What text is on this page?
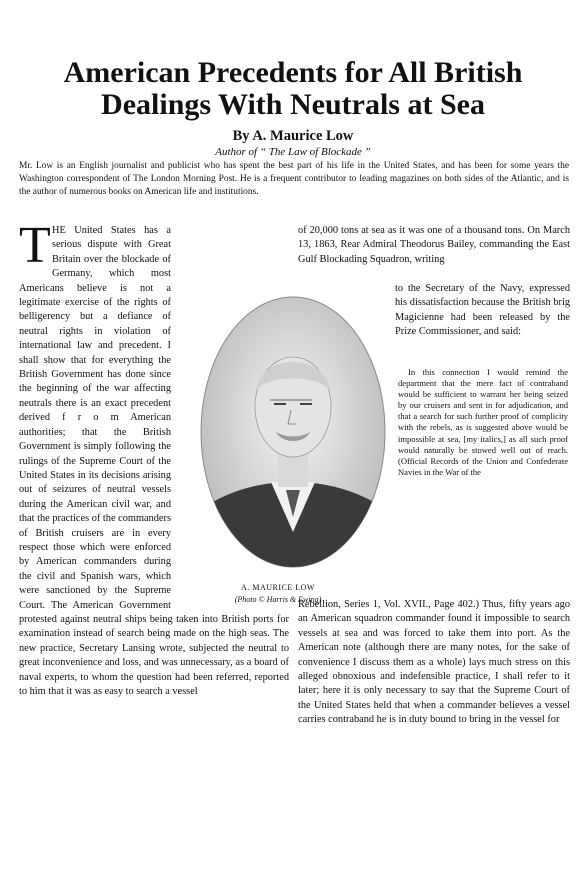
American Precedents for All British
Dealings With Neutrals at Sea
By A. Maurice Low
Author of “ The Law of Blockade ”

Mr. Low is an English journalist and publicist who has spent the best part of his life in the United States, and has been for some years the Washington correspondent of The London Morning Post. He is a frequent contributor to leading magazines on both sides of the Atlantic, and is the author of numerous books on American life and institutions.

HE United States has a serious dispute with Great Britain over the blockade of Germany, which most Americans believe is not a legitimate exercise of the rights of belligerency but a defiance of neutral rights in violation of international law and precedent. I shall show that for everything the British Government has done since the beginning of the war affecting neutrals there is an exact precedent derived f r o m American authorities; that the British Government is simply following the rulings of the Supreme Court of the United States in its decisions arising out of seizures of neutral vessels during the American civil war, and that the practices of the commanders of British cruisers are in every respect those which were enforced by American commanders during the civil and Spanish wars, which were sanctioned by the Supreme Court. The American Government protested against neutral ships being taken into British ports for examination instead of search being made on the high seas. The new practice, Secretary Lansing wrote, subjected the neutral to great inconvenience and loss, and was unnecessary, as a board of naval experts, to whom the question had been referred, reported to him that it was as easy to search a vessel
T	of 20,000 tons at sea as it was one of a thousand tons. On March 13, 1863, Rear Admiral Theodorus Bailey, commanding the East Gulf Blockading Squadron, writing

to the Secretary of the Navy, expressed his dissatisfaction because the British brig Magicienne had been released by the Prize Commissioner, and said:

In this connection I would remind the department that the mere fact of contraband would be sufficient to warrant her being seized by our cruisers and sent in for adjudication, and that a search for such further proof of complicity with the rebels, as is suggested above would be impossible at sea, [my italics,] as all such proof would naturally be stowed well out of reach. (Official Records of the Union and Confederate Navies in the War of the

Rebellion, Series 1, Vol. XVII., Page 402.) Thus, fifty years ago an American squadron commander found it impossible to search vessels at sea and was forced to take them into port. As the American note (although there are many notes, for the sake of convenience I discuss them as a whole) lays much stress on this alleged obnoxious and indefensible practice, I shall refer to it later; here it is only necessary to say that the Supreme Court of the United States held that when a commander believes a vessel carries contraband he is in duty bound to bring in the vessel for

A. MAURICE LOW
(Photo © Harris & Ewing)
